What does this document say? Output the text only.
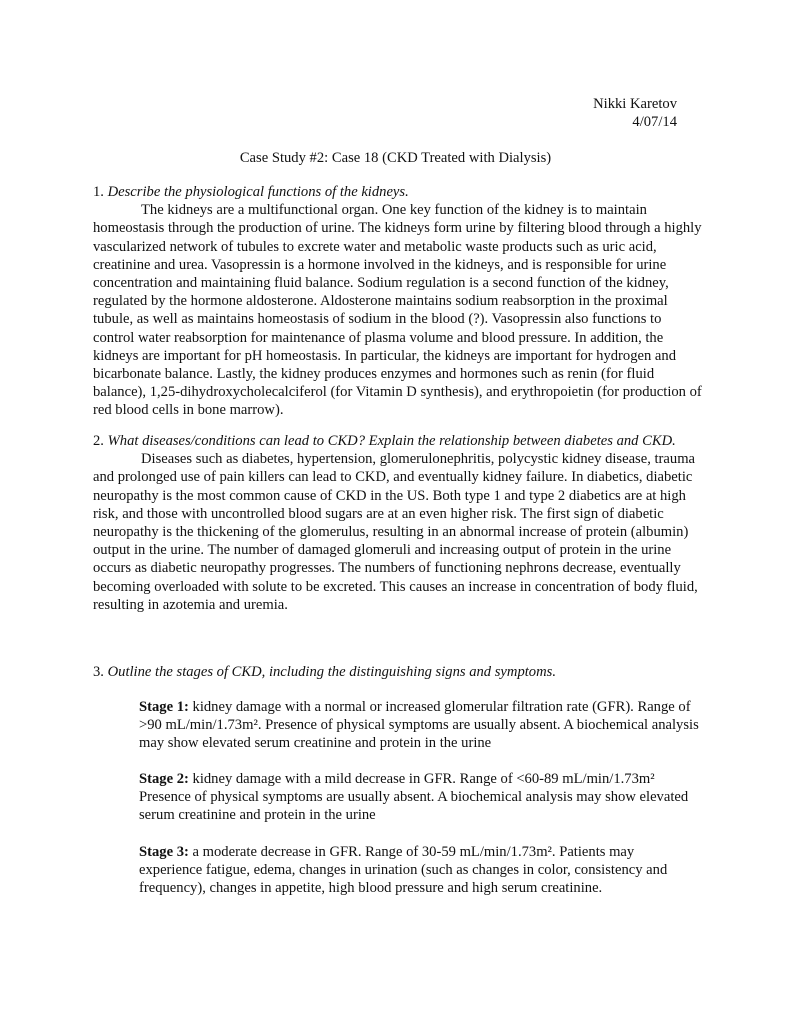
Nikki Karetov
4/07/14
Case Study #2: Case 18 (CKD Treated with Dialysis)

1. Describe the physiological functions of the kidneys.

The kidneys are a multifunctional organ. One key function of the kidney is to maintain homeostasis through the production of urine. The kidneys form urine by filtering blood through a highly vascularized network of tubules to excrete water and metabolic waste products such as uric acid, creatinine and urea. Vasopressin is a hormone involved in the kidneys, and is responsible for urine concentration and maintaining fluid balance. Sodium regulation is a second function of the kidney, regulated by the hormone aldosterone. Aldosterone maintains sodium reabsorption in the proximal tubule, as well as maintains homeostasis of sodium in the blood (?). Vasopressin also functions to control water reabsorption for maintenance of plasma volume and blood pressure. In addition, the kidneys are important for pH homeostasis. In particular, the kidneys are important for hydrogen and bicarbonate balance. Lastly, the kidney produces enzymes and hormones such as renin (for fluid balance), 1,25-dihydroxycholecalciferol (for Vitamin D synthesis), and erythropoietin (for production of red blood cells in bone marrow).

2. What diseases/conditions can lead to CKD? Explain the relationship between diabetes and CKD.

Diseases such as diabetes, hypertension, glomerulonephritis, polycystic kidney disease, trauma and prolonged use of pain killers can lead to CKD, and eventually kidney failure. In diabetics, diabetic neuropathy is the most common cause of CKD in the US. Both type 1 and type 2 diabetics are at high risk, and those with uncontrolled blood sugars are at an even higher risk. The first sign of diabetic neuropathy is the thickening of the glomerulus, resulting in an abnormal increase of protein (albumin) output in the urine. The number of damaged glomeruli and increasing output of protein in the urine occurs as diabetic neuropathy progresses. The numbers of functioning nephrons decrease, eventually becoming overloaded with solute to be excreted. This causes an increase in concentration of body fluid, resulting in azotemia and uremia.

3. Outline the stages of CKD, including the distinguishing signs and symptoms.
Stage 1: kidney damage with a normal or increased glomerular filtration rate (GFR). Range of >90 mL/min/1.73m². Presence of physical symptoms are usually absent. A biochemical analysis may show elevated serum creatinine and protein in the urine
Stage 2: kidney damage with a mild decrease in GFR. Range of <60-89 mL/min/1.73m² Presence of physical symptoms are usually absent. A biochemical analysis may show elevated serum creatinine and protein in the urine
Stage 3: a moderate decrease in GFR. Range of 30-59 mL/min/1.73m². Patients may experience fatigue, edema, changes in urination (such as changes in color, consistency and frequency), changes in appetite, high blood pressure and high serum creatinine.
